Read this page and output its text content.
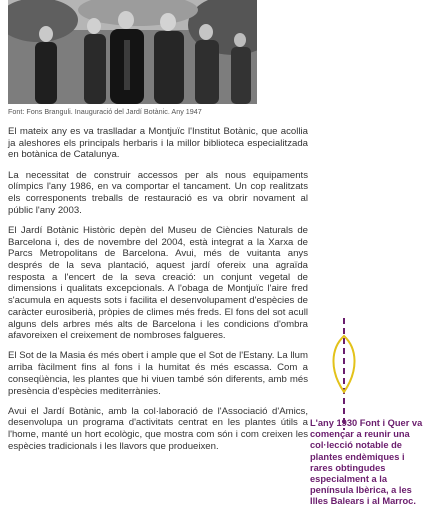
Font: Fons Branguli. Inauguració del Jardí Botànic. Any 1947

El mateix any es va traslladar a Montjuïc l'Institut Botànic, que acollia ja aleshores els principals herbaris i la millor biblioteca especialitzada en botànica de Catalunya.

La necessitat de construir accessos per als nous equipaments olímpics l'any 1986, en va comportar el tancament. Un cop realitzats els corresponents treballs de restauració es va obrir novament al públic l'any 2003.

El Jardí Botànic Històric depèn del Museu de Ciències Naturals de Barcelona i, des de novembre del 2004, està integrat a la Xarxa de Parcs Metropolitans de Barcelona. Avui, més de vuitanta anys després de la seva plantació, aquest jardí ofereix una agraïda resposta a l'encert de la seva creació: un conjunt vegetal de dimensions i qualitats excepcionals. A l'obaga de Montjuïc l'aire fred s'acumula en aquests sots i facilita el desenvolupament d'espècies de caràcter eurosiberià, pròpies de climes més freds. El fons del sot acull alguns dels arbres més alts de Barcelona i les condicions d'ombra afavoreixen el creixement de nombroses falgueres.

El Sot de la Masia és més obert i ample que el Sot de l'Estany. La llum arriba fàcilment fins al fons i la humitat és més escassa. Com a conseqüència, les plantes que hi viuen també són diferents, amb més presència d'espècies mediterrànies.

Avui el Jardí Botànic, amb la col·laboració de l'Associació d'Amics, desenvolupa un programa d'activitats centrat en les plantes útils a l'home, manté un hort ecològic, que mostra com són i com creixen les espècies tradicionals i les llavors que produeixen.

L'any 1930 Font i Quer va començar a reunir una col·lecció notable de plantes endèmiques i rares obtingudes especialment a la península Ibèrica, a les Illes Balears i al Marroc.
